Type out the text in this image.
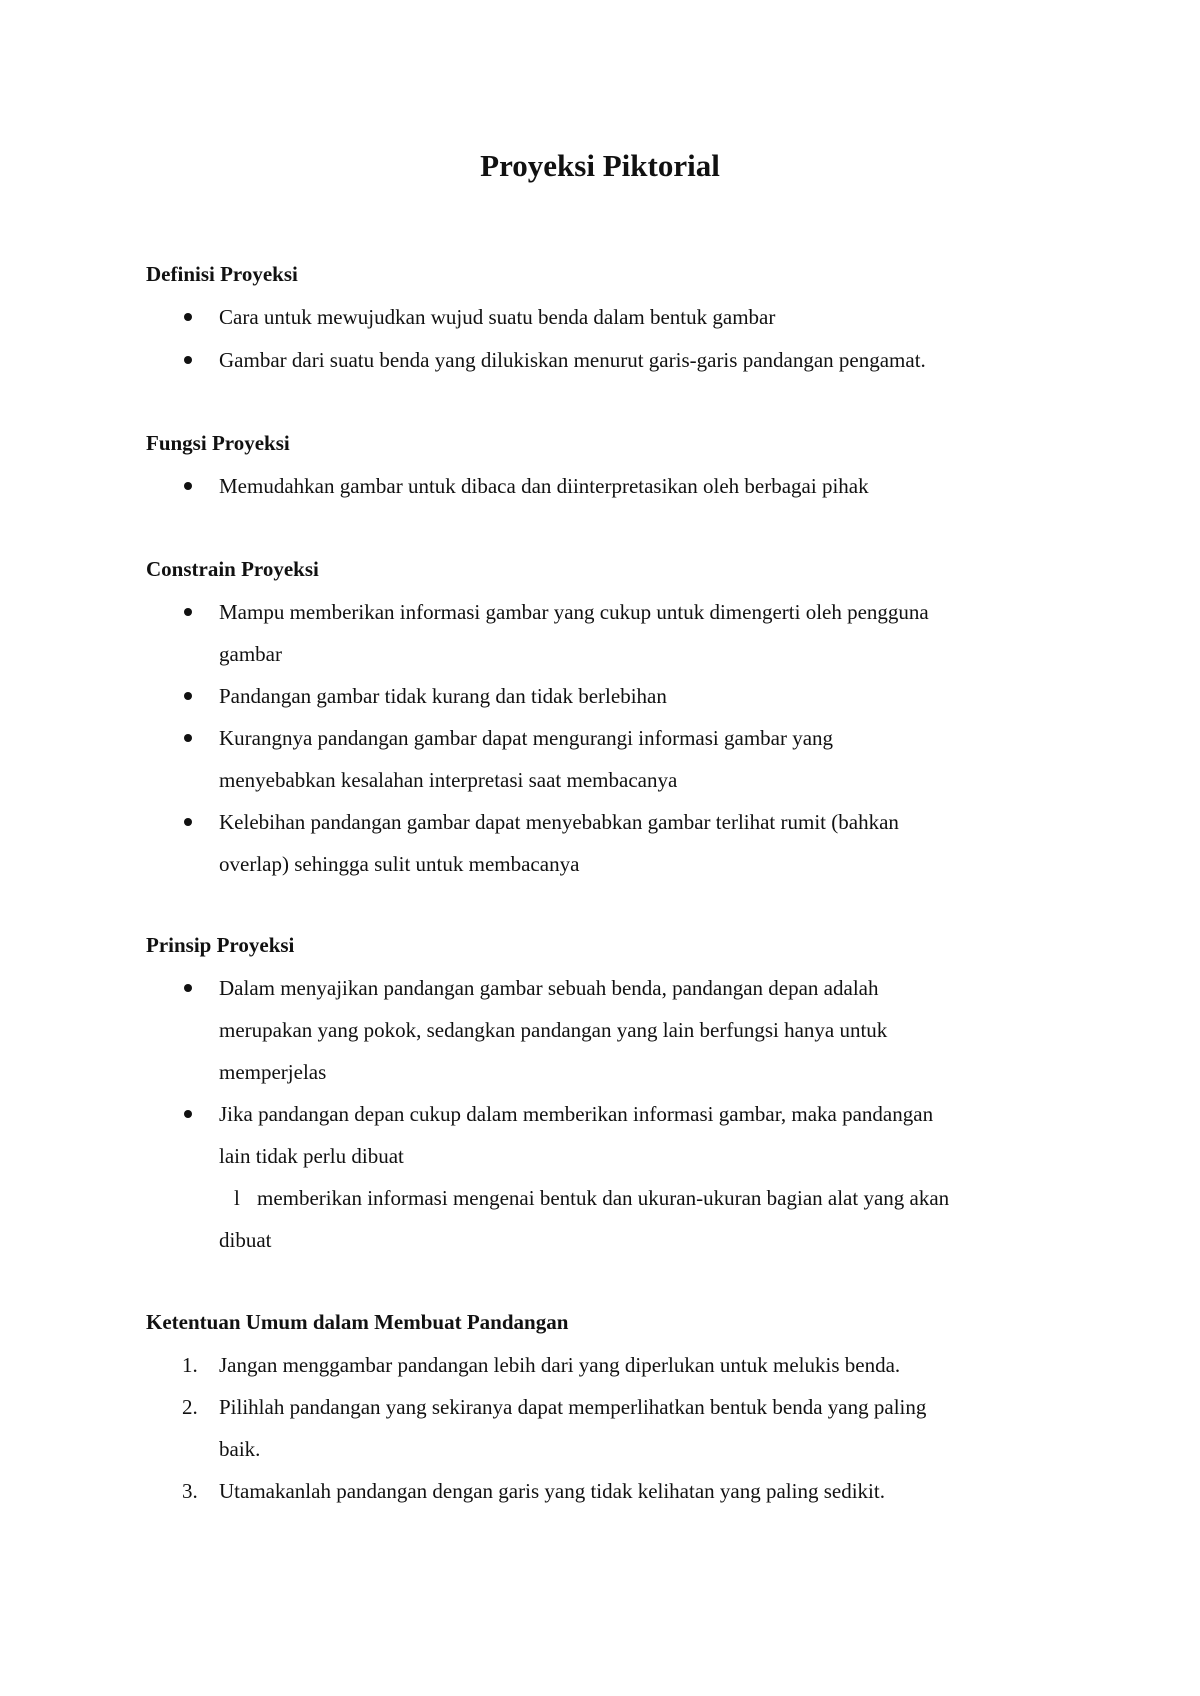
Proyeksi Piktorial
Definisi Proyeksi
Cara untuk mewujudkan wujud suatu benda dalam bentuk gambar
Gambar dari suatu benda yang dilukiskan menurut garis-garis pandangan pengamat.
Fungsi Proyeksi
Memudahkan gambar untuk dibaca dan diinterpretasikan oleh berbagai pihak
Constrain Proyeksi
Mampu memberikan informasi gambar yang cukup untuk dimengerti oleh pengguna
gambar
Pandangan gambar tidak kurang dan tidak berlebihan
Kurangnya pandangan gambar dapat mengurangi informasi gambar yang
menyebabkan kesalahan interpretasi saat membacanya
Kelebihan pandangan gambar dapat menyebabkan gambar terlihat rumit (bahkan
overlap) sehingga sulit untuk membacanya
Prinsip Proyeksi
Dalam menyajikan pandangan gambar sebuah benda, pandangan depan adalah
merupakan yang pokok, sedangkan pandangan yang lain berfungsi hanya untuk
memperjelas
Jika pandangan depan cukup dalam memberikan informasi gambar, maka pandangan
lain tidak perlu dibuat
l memberikan informasi mengenai bentuk dan ukuran-ukuran bagian alat yang akan
dibuat
Ketentuan Umum dalam Membuat Pandangan
1. Jangan menggambar pandangan lebih dari yang diperlukan untuk melukis benda.
2. Pilihlah pandangan yang sekiranya dapat memperlihatkan bentuk benda yang paling
baik.
3. Utamakanlah pandangan dengan garis yang tidak kelihatan yang paling sedikit.
